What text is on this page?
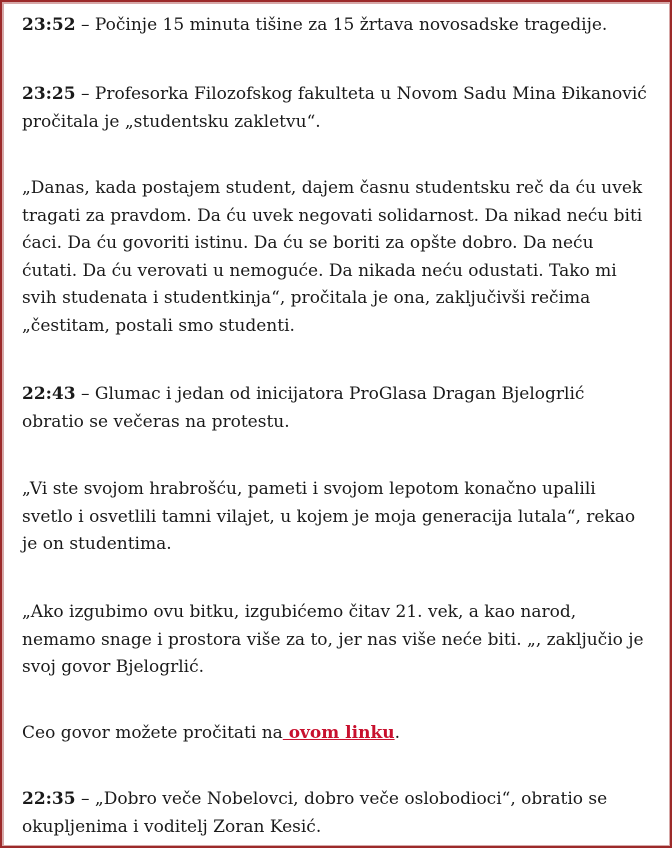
23:52 – Počinje 15 minuta tišine za 15 žrtava novosadske tragedije.

23:25 – Profesorka Filozofskog fakulteta u Novom Sadu Mina Đikanović pročitala je „studentsku zakletvu“.

„Danas, kada postajem student, dajem časnu studentsku reč da ću uvek tragati za pravdom. Da ću uvek negovati solidarnost. Da nikad neću biti ćaci. Da ću govoriti istinu. Da ću se boriti za opšte dobro. Da neću ćutati. Da ću verovati u nemoguće. Da nikada neću odustati. Tako mi svih studenata i studentkinja“, pročitala je ona, zaključivši rečima „čestitam, postali smo studenti.

22:43 – Glumac i jedan od inicijatora ProGlasa Dragan Bjelogrlić obratio se večeras na protestu.

„Vi ste svojom hrabrošću, pameti i svojom lepotom konačno upalili svetlo i osvetlili tamni vilajet, u kojem je moja generacija lutala“, rekao je on studentima.

„Ako izgubimo ovu bitku, izgubićemo čitav 21. vek, a kao narod, nemamo snage i prostora više za to, jer nas više neće biti. „, zaključio je svoj govor Bjelogrlić.

Ceo govor možete pročitati na ovom linku.

22:35 – „Dobro veče Nobelovci, dobro veče oslobodioci“, obratio se okupljenima i voditelj Zoran Kesić.
